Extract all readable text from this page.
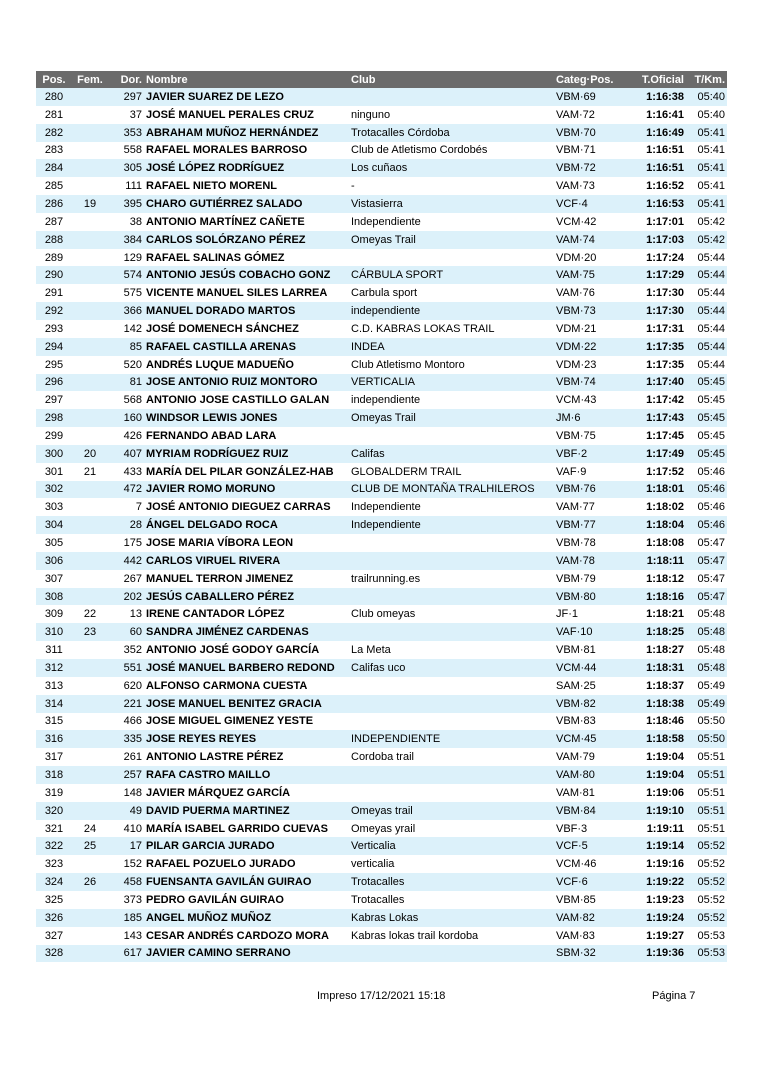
Pos.	Fem.	Dor.	Nombre	Club	Categ·Pos.	T.Oficial	T/Km.
280		297	JAVIER SUAREZ DE LEZO		VBM·69	1:16:38	05:40
281		37	JOSÉ MANUEL PERALES CRUZ	ninguno	VAM·72	1:16:41	05:40
282		353	ABRAHAM MUÑOZ HERNÁNDEZ	Trotacalles Córdoba	VBM·70	1:16:49	05:41
283		558	RAFAEL MORALES BARROSO	Club de Atletismo Cordobés	VBM·71	1:16:51	05:41
284		305	JOSÉ LÓPEZ RODRÍGUEZ	Los cuñaos	VBM·72	1:16:51	05:41
285		111	RAFAEL NIETO MORENL	-	VAM·73	1:16:52	05:41
286	19	395	CHARO GUTIÉRREZ SALADO	Vistasierra	VCF·4	1:16:53	05:41
287		38	ANTONIO MARTÍNEZ CAÑETE	Independiente	VCM·42	1:17:01	05:42
288		384	CARLOS SOLÓRZANO PÉREZ	Omeyas Trail	VAM·74	1:17:03	05:42
289		129	RAFAEL SALINAS GÓMEZ		VDM·20	1:17:24	05:44
290		574	ANTONIO JESÚS COBACHO GONZ	CÁRBULA SPORT	VAM·75	1:17:29	05:44
291		575	VICENTE MANUEL SILES LARREA	Carbula sport	VAM·76	1:17:30	05:44
292		366	MANUEL DORADO MARTOS	independiente	VBM·73	1:17:30	05:44
293		142	JOSÉ DOMENECH SÁNCHEZ	C.D. KABRAS LOKAS TRAIL	VDM·21	1:17:31	05:44
294		85	RAFAEL CASTILLA ARENAS	INDEA	VDM·22	1:17:35	05:44
295		520	ANDRÉS LUQUE MADUEÑO	Club Atletismo Montoro	VDM·23	1:17:35	05:44
296		81	JOSE ANTONIO RUIZ MONTORO	VERTICALIA	VBM·74	1:17:40	05:45
297		568	ANTONIO JOSE CASTILLO GALAN	independiente	VCM·43	1:17:42	05:45
298		160	WINDSOR LEWIS JONES	Omeyas Trail	JM·6	1:17:43	05:45
299		426	FERNANDO ABAD LARA		VBM·75	1:17:45	05:45
300	20	407	MYRIAM RODRÍGUEZ RUIZ	Califas	VBF·2	1:17:49	05:45
301	21	433	MARÍA DEL PILAR GONZÁLEZ-HAB	GLOBALDERM TRAIL	VAF·9	1:17:52	05:46
302		472	JAVIER ROMO MORUNO	CLUB DE MONTAÑA TRALHILEROS	VBM·76	1:18:01	05:46
303		7	JOSÉ ANTONIO DIEGUEZ CARRAS	Independiente	VAM·77	1:18:02	05:46
304		28	ÁNGEL DELGADO ROCA	Independiente	VBM·77	1:18:04	05:46
305		175	JOSE MARIA VÍBORA LEON		VBM·78	1:18:08	05:47
306		442	CARLOS VIRUEL RIVERA		VAM·78	1:18:11	05:47
307		267	MANUEL TERRON JIMENEZ	trailrunning.es	VBM·79	1:18:12	05:47
308		202	JESÚS CABALLERO PÉREZ		VBM·80	1:18:16	05:47
309	22	13	IRENE CANTADOR LÓPEZ	Club omeyas	JF·1	1:18:21	05:48
310	23	60	SANDRA JIMÉNEZ CARDENAS		VAF·10	1:18:25	05:48
311		352	ANTONIO JOSÉ GODOY GARCÍA	La Meta	VBM·81	1:18:27	05:48
312		551	JOSÉ MANUEL BARBERO REDOND	Califas uco	VCM·44	1:18:31	05:48
313		620	ALFONSO CARMONA CUESTA		SAM·25	1:18:37	05:49
314		221	JOSE MANUEL BENITEZ GRACIA		VBM·82	1:18:38	05:49
315		466	JOSE MIGUEL GIMENEZ YESTE		VBM·83	1:18:46	05:50
316		335	JOSE REYES REYES	INDEPENDIENTE	VCM·45	1:18:58	05:50
317		261	ANTONIO LASTRE PÉREZ	Cordoba trail	VAM·79	1:19:04	05:51
318		257	RAFA CASTRO MAILLO		VAM·80	1:19:04	05:51
319		148	JAVIER MÁRQUEZ GARCÍA		VAM·81	1:19:06	05:51
320		49	DAVID PUERMA MARTINEZ	Omeyas trail	VBM·84	1:19:10	05:51
321	24	410	MARÍA ISABEL GARRIDO CUEVAS	Omeyas yrail	VBF·3	1:19:11	05:51
322	25	17	PILAR GARCIA JURADO	Verticalia	VCF·5	1:19:14	05:52
323		152	RAFAEL POZUELO JURADO	verticalia	VCM·46	1:19:16	05:52
324	26	458	FUENSANTA GAVILÁN GUIRAO	Trotacalles	VCF·6	1:19:22	05:52
325		373	PEDRO GAVILÁN GUIRAO	Trotacalles	VBM·85	1:19:23	05:52
326		185	ANGEL MUÑOZ MUÑOZ	Kabras Lokas	VAM·82	1:19:24	05:52
327		143	CESAR ANDRÉS CARDOZO MORA	Kabras lokas trail kordoba	VAM·83	1:19:27	05:53
328		617	JAVIER CAMINO SERRANO		SBM·32	1:19:36	05:53
Impreso 17/12/2021 15:18	Página 7
